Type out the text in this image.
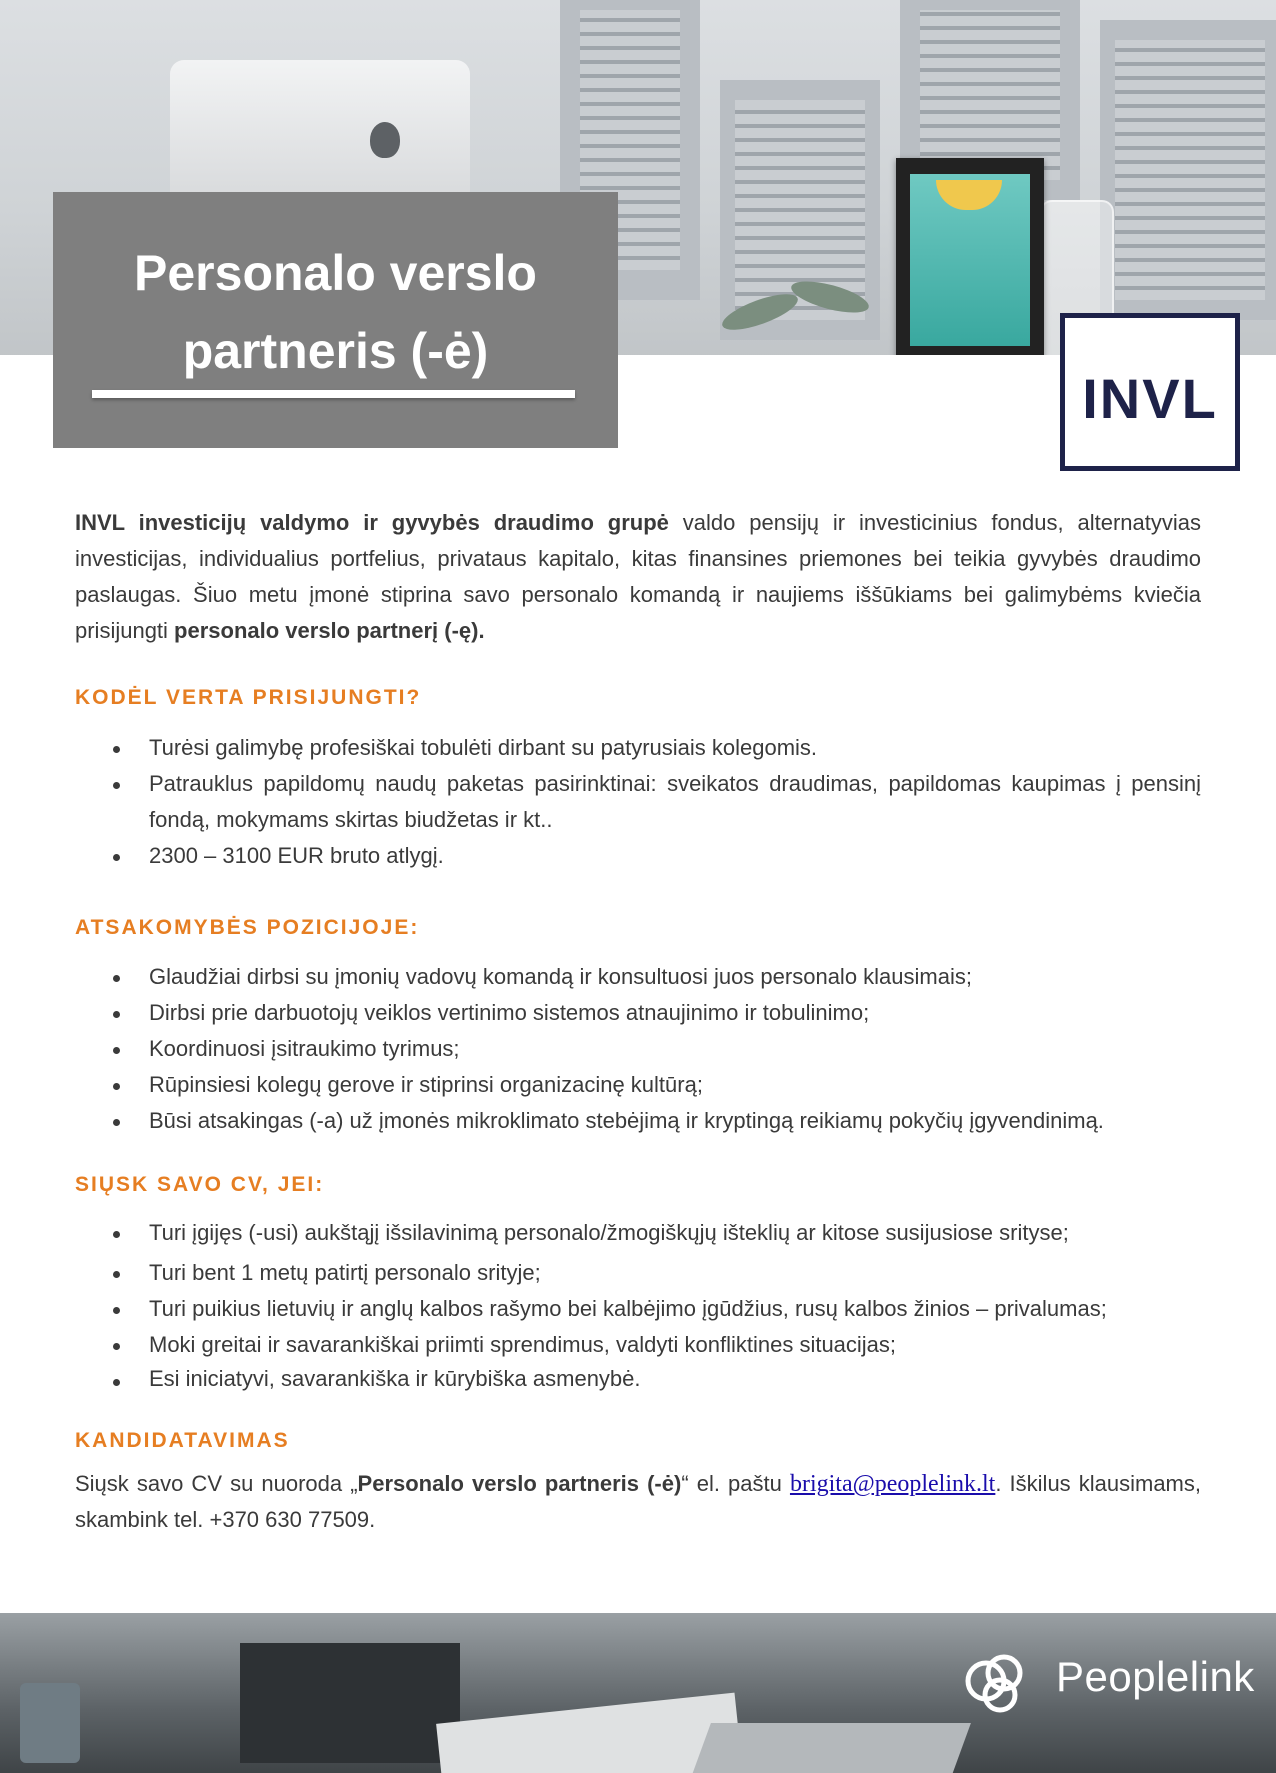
Personalo verslo
partneris (-ė)
INVL

INVL investicijų valdymo ir gyvybės draudimo grupė valdo pensijų ir investicinius fondus, alternatyvias investicijas, individualius portfelius, privataus kapitalo, kitas finansines priemones bei teikia gyvybės draudimo paslaugas. Šiuo metu įmonė stiprina savo personalo komandą ir naujiems iššūkiams bei galimybėms kviečia prisijungti personalo verslo partnerį (-ę).

KODĖL VERTA PRISIJUNGTI?
Turėsi galimybę profesiškai tobulėti dirbant su patyrusiais kolegomis.
Patrauklus papildomų naudų paketas pasirinktinai: sveikatos draudimas, papildomas kaupimas į pensinį fondą, mokymams skirtas biudžetas ir kt..
2300 – 3100 EUR bruto atlygį.
ATSAKOMYBĖS POZICIJOJE:
Glaudžiai dirbsi su įmonių vadovų komandą ir konsultuosi juos personalo klausimais;
Dirbsi prie darbuotojų veiklos vertinimo sistemos atnaujinimo ir tobulinimo;
Koordinuosi įsitraukimo tyrimus;
Rūpinsiesi kolegų gerove ir stiprinsi organizacinę kultūrą;
Būsi atsakingas (-a) už įmonės mikroklimato stebėjimą ir kryptingą reikiamų pokyčių įgyvendinimą.
SIŲSK SAVO CV, JEI:
Turi įgijęs (-usi) aukštąjį išsilavinimą personalo/žmogiškųjų išteklių ar kitose susijusiose srityse;
Turi bent 1 metų patirtį personalo srityje;
Turi puikius lietuvių ir anglų kalbos rašymo bei kalbėjimo įgūdžius, rusų kalbos žinios – privalumas;
Moki greitai ir savarankiškai priimti sprendimus, valdyti konfliktines situacijas;
Esi iniciatyvi, savarankiška ir kūrybiška asmenybė.
KANDIDATAVIMAS

Siųsk savo CV su nuoroda „Personalo verslo partneris (-ė)“ el. paštu brigita@peoplelink.lt. Iškilus klausimams, skambink tel. +370 630 77509.

Peoplelink
